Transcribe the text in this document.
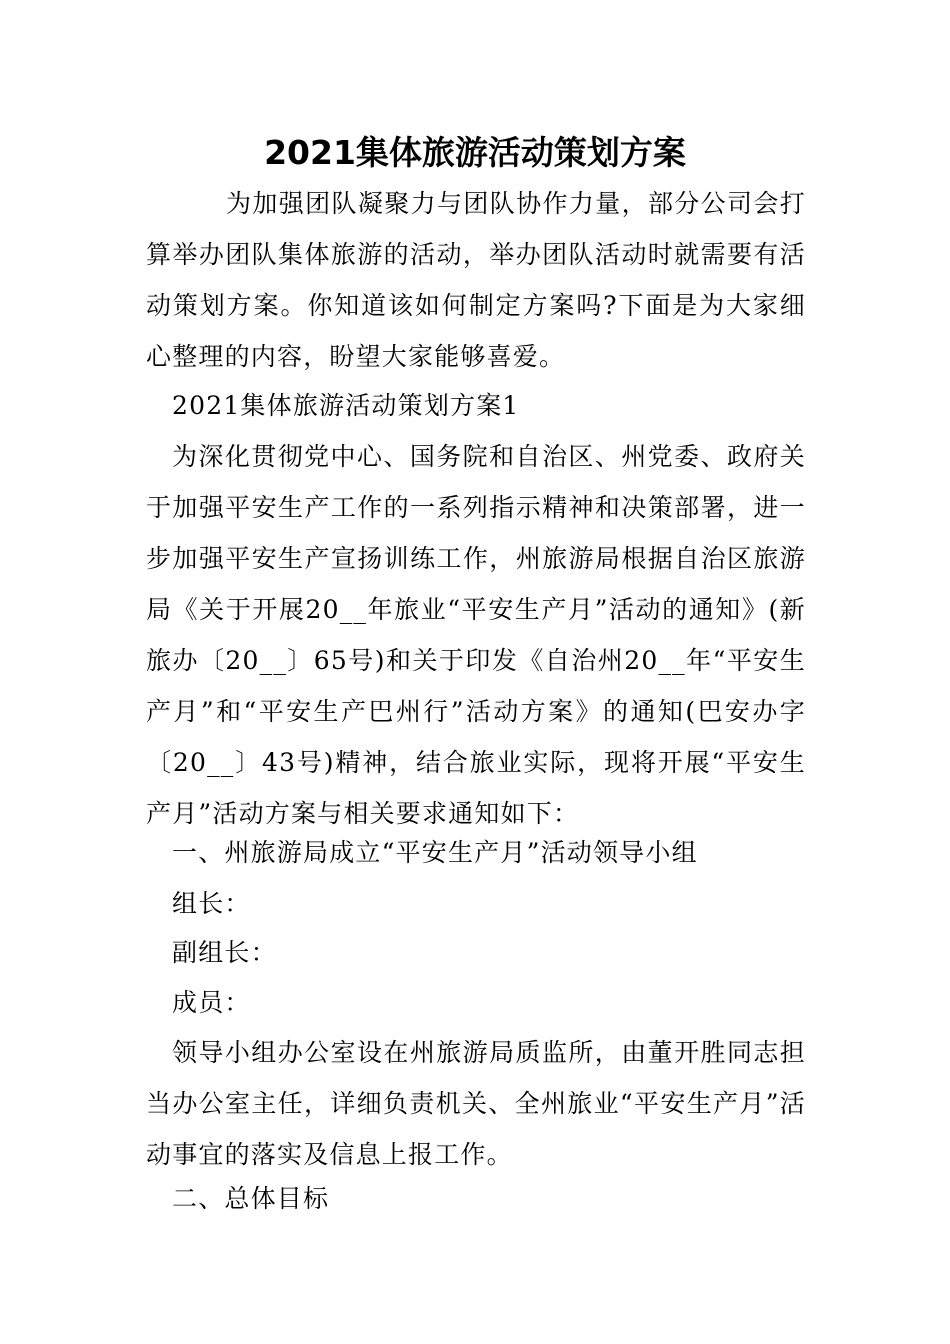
2021集体旅游活动策划方案

为加强团队凝聚力与团队协作力量，部分公司会打算举办团队集体旅游的活动，举办团队活动时就需要有活动策划方案。你知道该如何制定方案吗?下面是为大家细心整理的内容，盼望大家能够喜爱。

2021集体旅游活动策划方案1

为深化贯彻党中心、国务院和自治区、州党委、政府关于加强平安生产工作的一系列指示精神和决策部署，进一步加强平安生产宣扬训练工作，州旅游局根据自治区旅游局《关于开展20__年旅业“平安生产月”活动的通知》(新旅办〔20__〕65号)和关于印发《自治州20__年“平安生产月”和“平安生产巴州行”活动方案》的通知(巴安办字〔20__〕43号)精神，结合旅业实际，现将开展“平安生产月”活动方案与相关要求通知如下：

一、州旅游局成立“平安生产月”活动领导小组

组长：

副组长：

成员：

领导小组办公室设在州旅游局质监所，由董开胜同志担当办公室主任，详细负责机关、全州旅业“平安生产月”活动事宜的落实及信息上报工作。

二、总体目标
